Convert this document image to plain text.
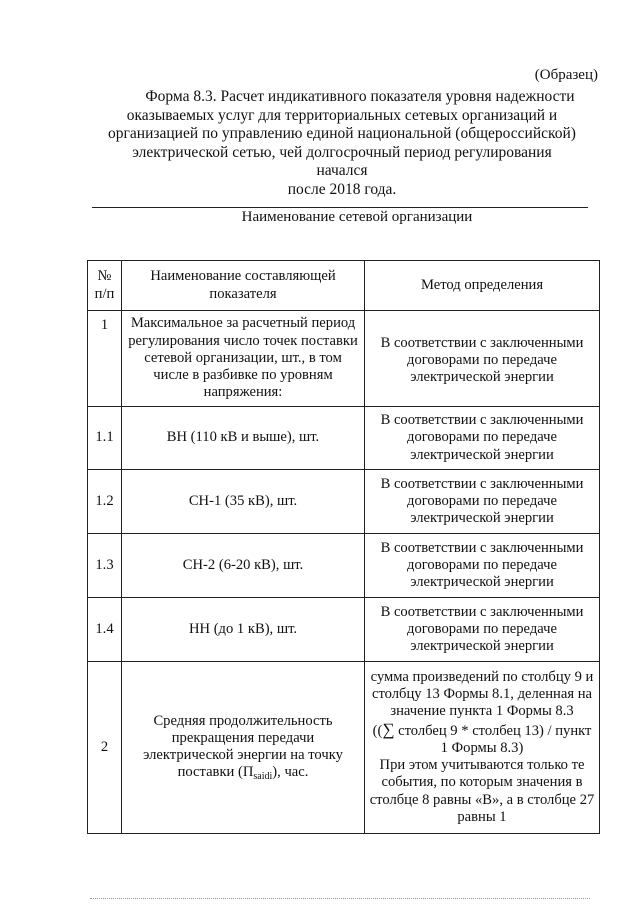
(Образец)
Форма 8.3. Расчет индикативного показателя уровня надежности
оказываемых услуг для территориальных сетевых организаций и
организацией по управлению единой национальной (общероссийской)
электрической сетью, чей долгосрочный период регулирования начался
после 2018 года.
Наименование сетевой организации
№
п/п	Наименование составляющей показателя	Метод определения
1	Максимальное за расчетный период регулирования число точек поставки сетевой организации, шт., в том числе в разбивке по уровням напряжения:	В соответствии с заключенными договорами по передаче электрической энергии
1.1	ВН (110 кВ и выше), шт.	В соответствии с заключенными договорами по передаче электрической энергии
1.2	СН-1 (35 кВ), шт.	В соответствии с заключенными договорами по передаче электрической энергии
1.3	СН-2 (6-20 кВ), шт.	В соответствии с заключенными договорами по передаче электрической энергии
1.4	НН (до 1 кВ), шт.	В соответствии с заключенными договорами по передаче электрической энергии
2	Средняя продолжительность прекращения передачи электрической энергии на точку поставки $(П_{saidi})$, час.	сумма произведений по столбцу 9 и столбцу 13 Формы 8.1, деленная на значение пункта 1 Формы 8.3
((∑ столбец 9 * столбец 13) / пункт 1 Формы 8.3)
При этом учитываются только те события, по которым значения в столбце 8 равны «В», а в столбце 27 равны 1
